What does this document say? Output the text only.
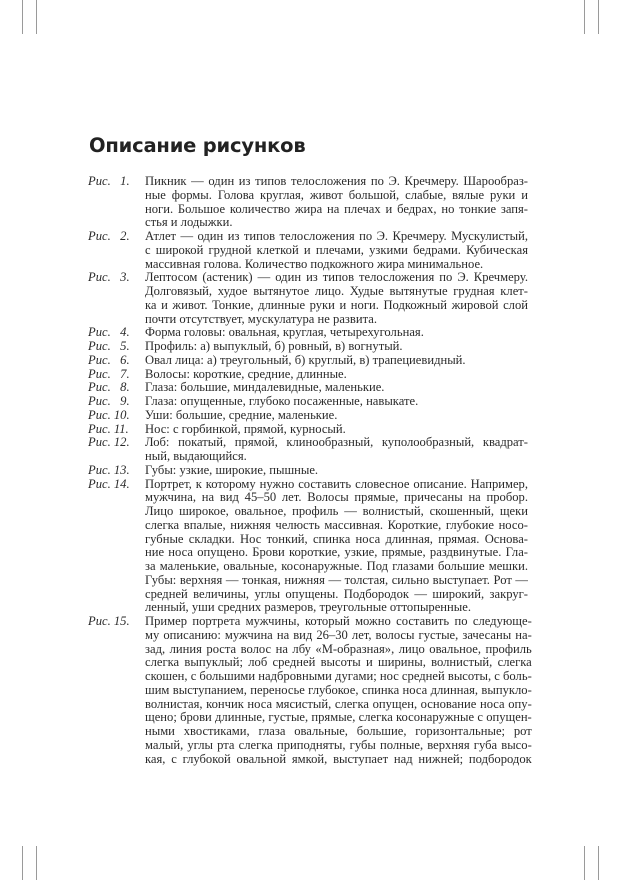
Описание рисунков
Рис.   1.	Пикник — один из типов телосложения по Э. Кречмеру. Шарообраз-
ные формы. Голова круглая, живот большой, слабые, вялые руки и
ноги. Большое количество жира на плечах и бедрах, но тонкие запя-
стья и лодыжки.
Рис.   2.	Атлет — один из типов телосложения по Э. Кречмеру. Мускулистый,
с широкой грудной клеткой и плечами, узкими бедрами. Кубическая
массивная голова. Количество подкожного жира минимальное.
Рис.   3.	Лептосом (астеник) — один из типов телосложения по Э. Кречмеру.
Долговязый, худое вытянутое лицо. Худые вытянутые грудная клет-
ка и живот. Тонкие, длинные руки и ноги. Подкожный жировой слой
почти отсутствует, мускулатура не развита.
Рис.   4.	Форма головы: овальная, круглая, четырехугольная.
Рис.   5.	Профиль: а) выпуклый, б) ровный, в) вогнутый.
Рис.   6.	Овал лица: а) треугольный, б) круглый, в) трапециевидный.
Рис.   7.	Волосы: короткие, средние, длинные.
Рис.   8.	Глаза: большие, миндалевидные, маленькие.
Рис.   9.	Глаза: опущенные, глубоко посаженные, навыкате.
Рис. 10.	Уши: большие, средние, маленькие.
Рис. 11.	Нос: с горбинкой, прямой, курносый.
Рис. 12.	Лоб: покатый, прямой, клинообразный, куполообразный, квадрат-
ный, выдающийся.
Рис. 13.	Губы: узкие, широкие, пышные.
Рис. 14.	Портрет, к которому нужно составить словесное описание. Например,
мужчина, на вид 45–50 лет. Волосы прямые, причесаны на пробор.
Лицо широкое, овальное, профиль — волнистый, скошенный, щеки
слегка впалые, нижняя челюсть массивная. Короткие, глубокие носо-
губные складки. Нос тонкий, спинка носа длинная, прямая. Основа-
ние носа опущено. Брови короткие, узкие, прямые, раздвинутые. Гла-
за маленькие, овальные, косонаружные. Под глазами большие мешки.
Губы: верхняя — тонкая, нижняя — толстая, сильно выступает. Рот —
средней величины, углы опущены. Подбородок — широкий, закруг-
ленный, уши средних размеров, треугольные оттопыренные.
Рис. 15.	Пример портрета мужчины, который можно составить по следующе-
му описанию: мужчина на вид 26–30 лет, волосы густые, зачесаны на-
зад, линия роста волос на лбу «М-образная», лицо овальное, профиль
слегка выпуклый; лоб средней высоты и ширины, волнистый, слегка
скошен, с большими надбровными дугами; нос средней высоты, с боль-
шим выступанием, переносье глубокое, спинка носа длинная, выпукло-
волнистая, кончик носа мясистый, слегка опущен, основание носа опу-
щено; брови длинные, густые, прямые, слегка косонаружные с опущен-
ными хвостиками, глаза овальные, большие, горизонтальные; рот
малый, углы рта слегка приподняты, губы полные, верхняя губа высо-
кая, с глубокой овальной ямкой, выступает над нижней; подбородок
